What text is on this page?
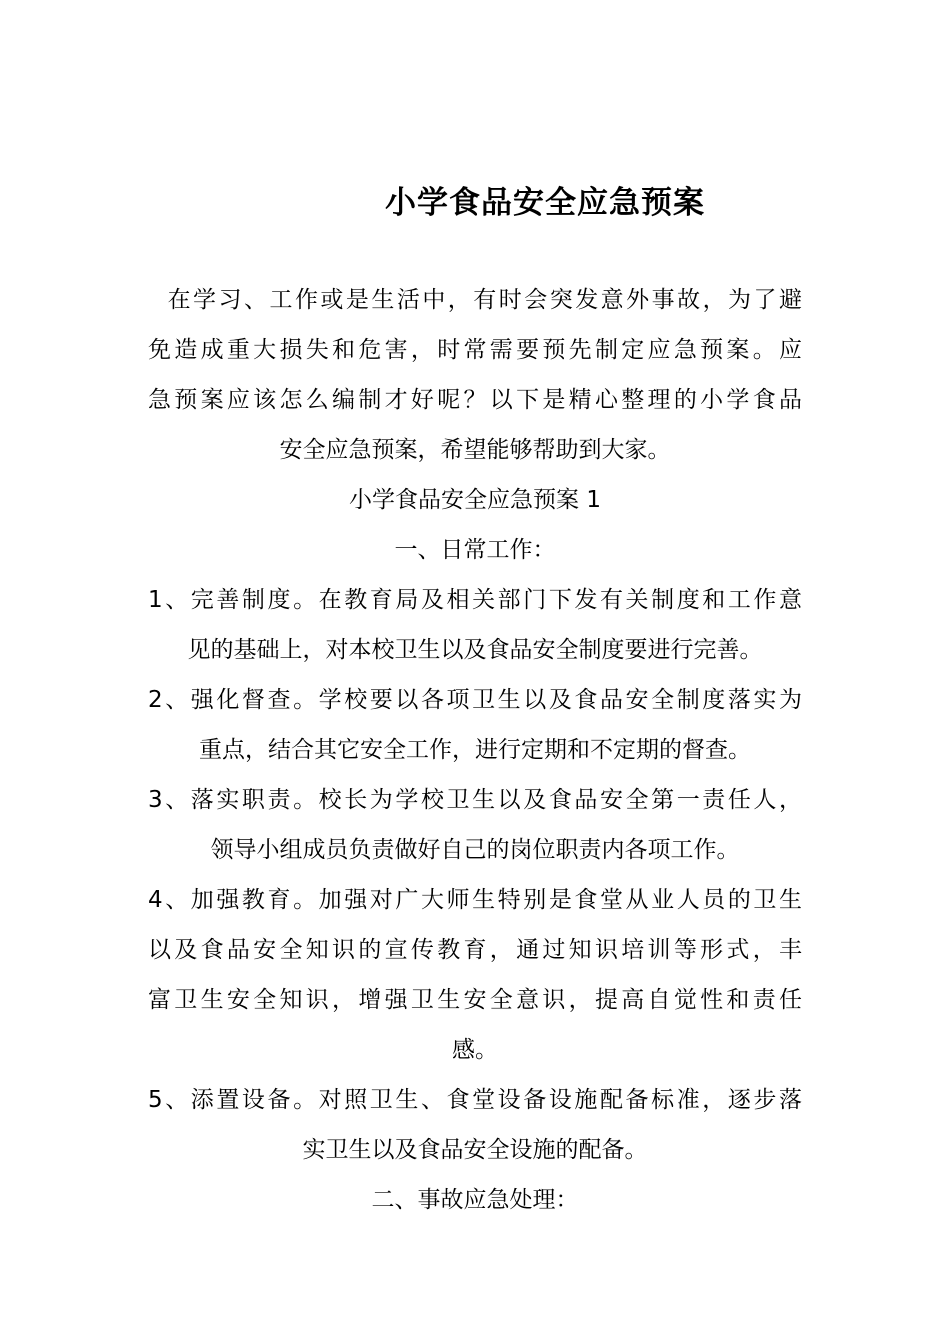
小学食品安全应急预案

在学习、工作或是生活中，有时会突发意外事故，为了避
免造成重大损失和危害，时常需要预先制定应急预案。应
急预案应该怎么编制才好呢？以下是精心整理的小学食品
安全应急预案，希望能够帮助到大家。

小学食品安全应急预案 1

一、日常工作：

1、完善制度。在教育局及相关部门下发有关制度和工作意
见的基础上，对本校卫生以及食品安全制度要进行完善。

2、强化督查。学校要以各项卫生以及食品安全制度落实为
重点，结合其它安全工作，进行定期和不定期的督查。

3、落实职责。校长为学校卫生以及食品安全第一责任人，
领导小组成员负责做好自己的岗位职责内各项工作。

4、加强教育。加强对广大师生特别是食堂从业人员的卫生
以及食品安全知识的宣传教育，通过知识培训等形式，丰
富卫生安全知识，增强卫生安全意识，提高自觉性和责任
感。

5、添置设备。对照卫生、食堂设备设施配备标准，逐步落
实卫生以及食品安全设施的配备。

二、事故应急处理：
